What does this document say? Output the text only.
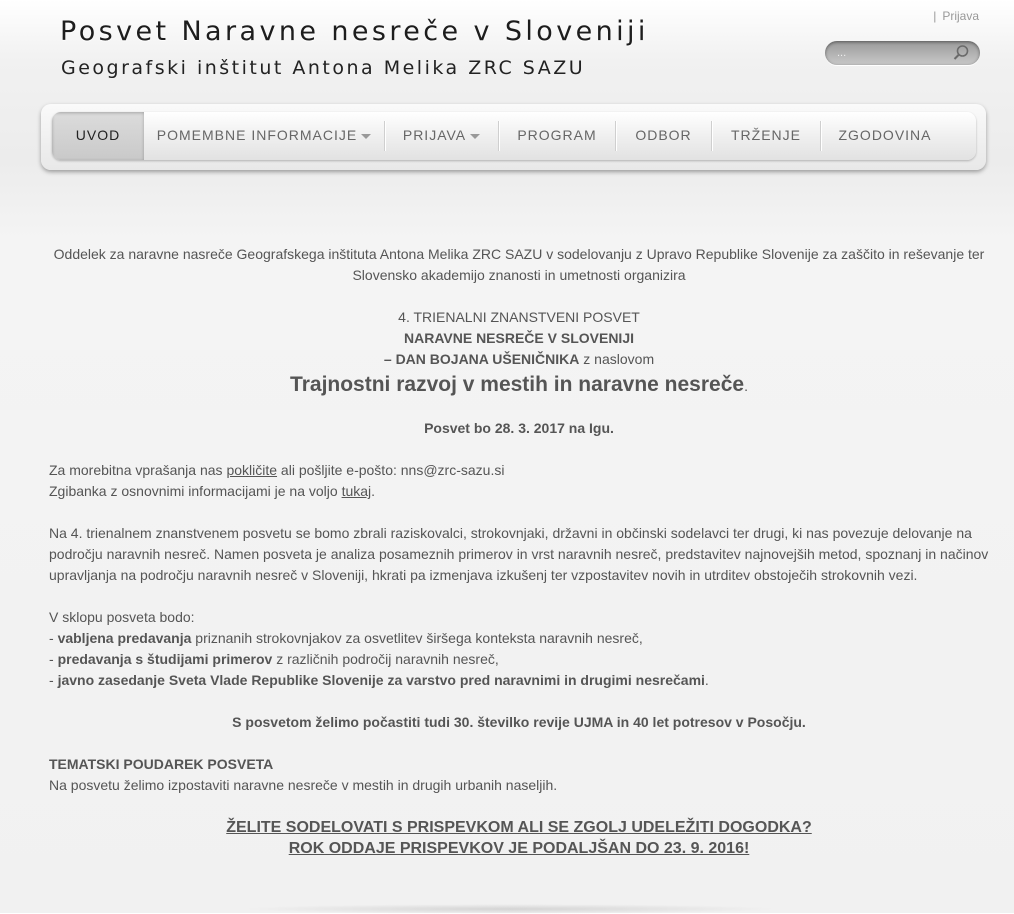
Posvet Naravne nesreče v Sloveniji
Geografski inštitut Antona Melika ZRC SAZU
| Prijava
...
UVOD	POMEMBNE INFORMACIJE	PRIJAVA	PROGRAM	ODBOR	TRŽENJE	ZGODOVINA

Oddelek za naravne nasreče Geografskega inštituta Antona Melika ZRC SAZU v sodelovanju z Upravo Republike Slovenije za zaščito in reševanje ter Slovensko akademijo znanosti in umetnosti organizira

4. TRIENALNI ZNANSTVENI POSVET

NARAVNE NESREČE V SLOVENIJI

– DAN BOJANA UŠENIČNIKA z naslovom

Trajnostni razvoj v mestih in naravne nesreče.

Posvet bo 28. 3. 2017 na Igu.

Za morebitna vprašanja nas pokličite ali pošljite e-pošto: nns@zrc-sazu.si

Zgibanka z osnovnimi informacijami je na voljo tukaj.

Na 4. trienalnem znanstvenem posvetu se bomo zbrali raziskovalci, strokovnjaki, državni in občinski sodelavci ter drugi, ki nas povezuje delovanje na področju naravnih nesreč. Namen posveta je analiza posameznih primerov in vrst naravnih nesreč, predstavitev najnovejših metod, spoznanj in načinov upravljanja na področju naravnih nesreč v Sloveniji, hkrati pa izmenjava izkušenj ter vzpostavitev novih in utrditev obstoječih strokovnih vezi.

V sklopu posveta bodo:

- vabljena predavanja priznanih strokovnjakov za osvetlitev širšega konteksta naravnih nesreč,

- predavanja s študijami primerov z različnih področij naravnih nesreč,

- javno zasedanje Sveta Vlade Republike Slovenije za varstvo pred naravnimi in drugimi nesrečami.

S posvetom želimo počastiti tudi 30. številko revije UJMA in 40 let potresov v Posočju.

TEMATSKI POUDAREK POSVETA

Na posvetu želimo izpostaviti naravne nesreče v mestih in drugih urbanih naseljih.

ŽELITE SODELOVATI S PRISPEVKOM ALI SE ZGOLJ UDELEŽITI DOGODKA?

ROK ODDAJE PRISPEVKOV JE PODALJŠAN DO 23. 9. 2016!
